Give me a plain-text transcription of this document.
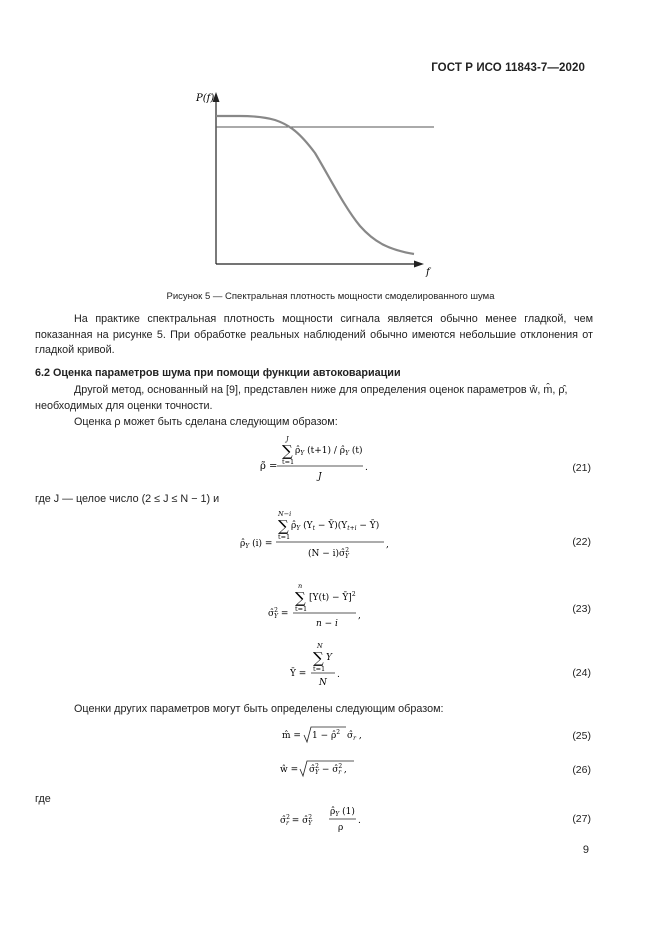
ГОСТ Р ИСО 11843-7—2020
P(f)
f
Рисунок 5 — Спектральная плотность мощности смоделированного шума
На практике спектральная плотность мощности сигнала является обычно менее гладкой, чем показанная на рисунке 5. При обработке реальных наблюдений обычно имеются небольшие отклонения от гладкой кривой.
6.2 Оценка параметров шума при помощи функции автоковариации
Другой метод, основанный на [9], представлен ниже для определения оценок параметров ŵ, m̂, ρ̂, необходимых для оценки точности.
Оценка ρ может быть сделана следующим образом:
J
∑
t=1
$\rhô_Y$ $(t+1) / \rhô_Y$ (t)
ρ̃ =
J
.
где J — целое число (2 ≤ J ≤ N − 1) и
N−i
∑
t=1
$\rhô_Y$ ($Y_t$ − $Ȳ)(Y_{t+i}$ − Ȳ)
$\rhô_Y$ (i) =
(N − i)σ̂$^2$ Y
,
n
∑
t=1
[Y(t) − Ȳ]$^2$
σ̂$^2$ Y =
n − i
,
N
∑
t=1
Y
Ȳ =
N
.
Оценки других параметров могут быть определены следующим образом:
m̂ = 1 − ρ̂$^2$ $\sigmâ_r$ ,
ŵ = σ̂$^2$ Y − σ̂$^2$ r ,
где
σ̂$^2$ r = σ̂$^2$ Y
$\rhô_Y$ (1)
ρ
.
(21)
(22)
(23)
(24)
(25)
(26)
(27)
9
